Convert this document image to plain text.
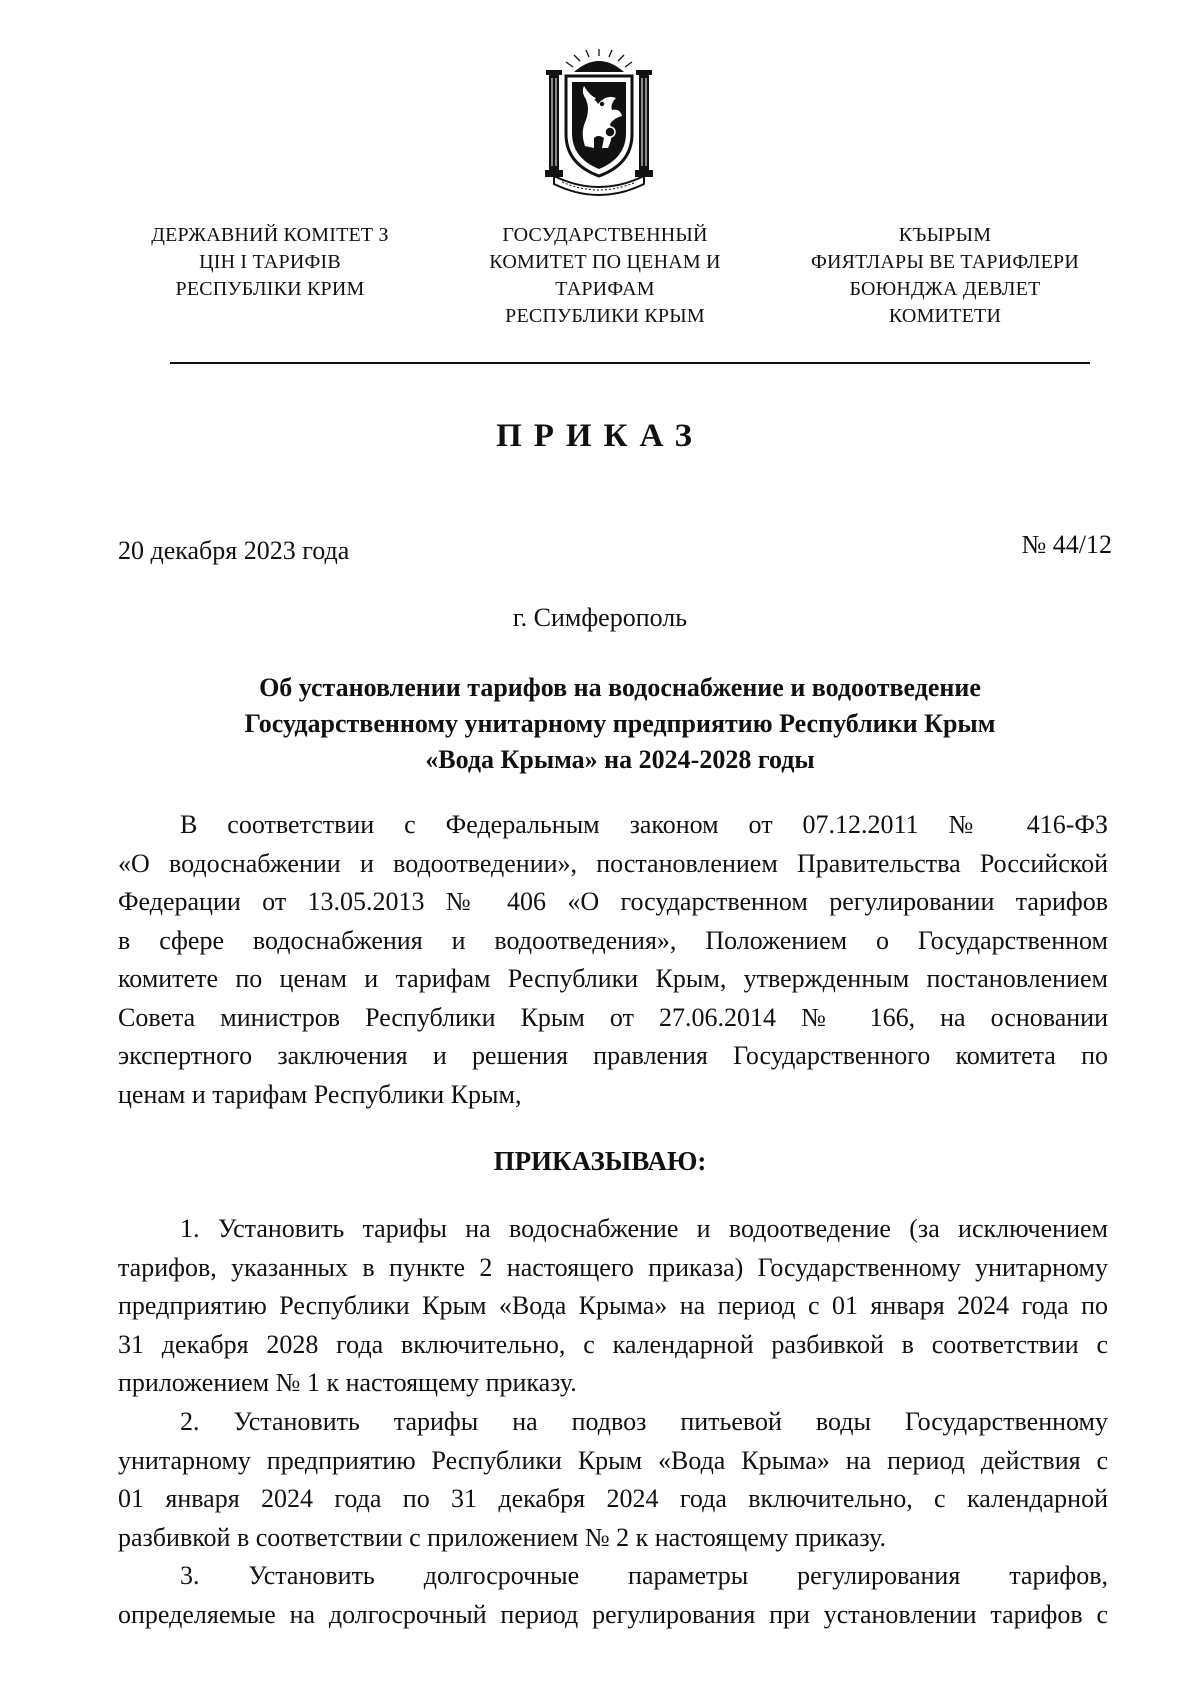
ДЕРЖАВНИЙ КОМІТЕТ З
ЦІН І ТАРИФІВ
РЕСПУБЛІКИ КРИМ
ГОСУДАРСТВЕННЫЙ
КОМИТЕТ ПО ЦЕНАМ И
ТАРИФАМ
РЕСПУБЛИКИ КРЫМ
КЪЫРЫМ
ФИЯТЛАРЫ ВЕ ТАРИФЛЕРИ
БОЮНДЖА ДЕВЛЕТ
КОМИТЕТИ
ПРИКАЗ
20 декабря 2023 года	№ 44/12
г. Симферополь
Об установлении тарифов на водоснабжение и водоотведение
Государственному унитарному предприятию Республики Крым
«Вода Крыма» на 2024-2028 годы
В соответствии с Федеральным законом от 07.12.2011 № 416-ФЗ
«О водоснабжении и водоотведении», постановлением Правительства Российской
Федерации от 13.05.2013 № 406 «О государственном регулировании тарифов
в сфере водоснабжения и водоотведения», Положением о Государственном
комитете по ценам и тарифам Республики Крым, утвержденным постановлением
Совета министров Республики Крым от 27.06.2014 № 166, на основании
экспертного заключения и решения правления Государственного комитета по
ценам и тарифам Республики Крым,
ПРИКАЗЫВАЮ:
1. Установить тарифы на водоснабжение и водоотведение (за исключением
тарифов, указанных в пункте 2 настоящего приказа) Государственному унитарному
предприятию Республики Крым «Вода Крыма» на период с 01 января 2024 года по
31 декабря 2028 года включительно, с календарной разбивкой в соответствии с
приложением № 1 к настоящему приказу.
2. Установить тарифы на подвоз питьевой воды Государственному
унитарному предприятию Республики Крым «Вода Крыма» на период действия с
01 января 2024 года по 31 декабря 2024 года включительно, с календарной
разбивкой в соответствии с приложением № 2 к настоящему приказу.
3. Установить долгосрочные параметры регулирования тарифов,
определяемые на долгосрочный период регулирования при установлении тарифов с
